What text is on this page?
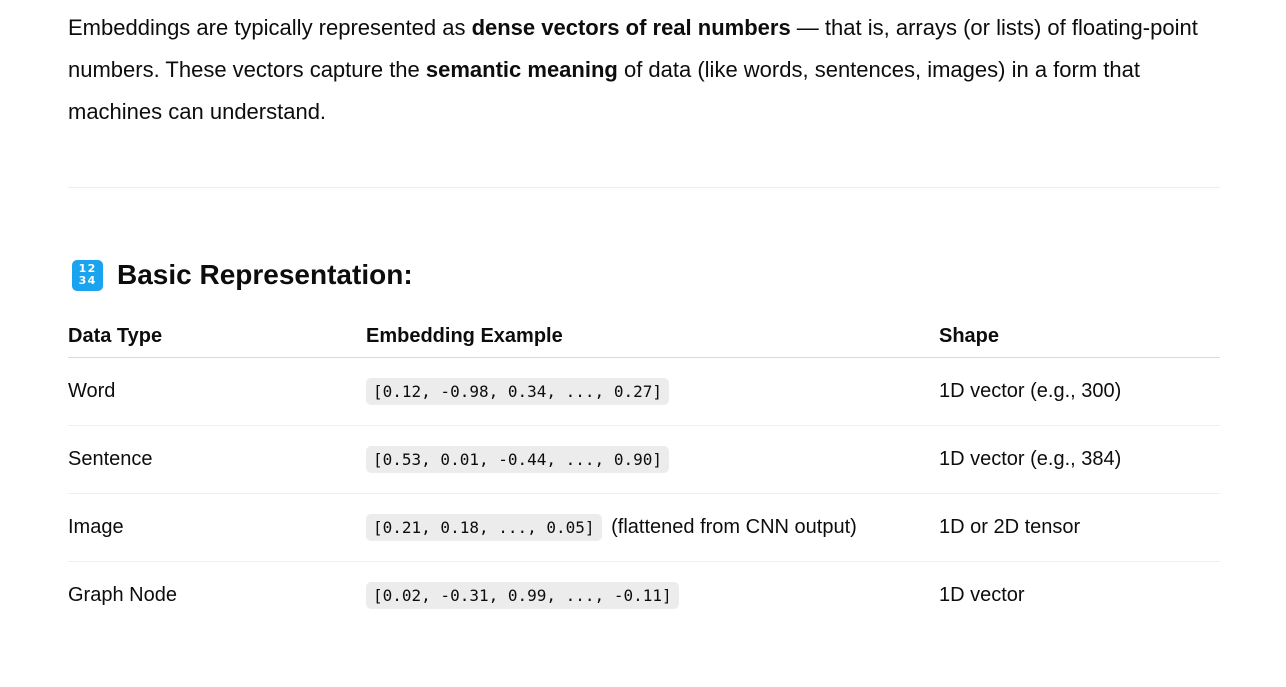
Embeddings are typically represented as dense vectors of real numbers — that is, arrays (or lists) of floating-point numbers. These vectors capture the semantic meaning of data (like words, sentences, images) in a form that machines can understand.

1 2
3 4 Basic Representation:
Data Type	Embedding Example	Shape
Word	[0.12, -0.98, 0.34, ..., 0.27]	1D vector (e.g., 300)
Sentence	[0.53, 0.01, -0.44, ..., 0.90]	1D vector (e.g., 384)
Image	[0.21, 0.18, ..., 0.05] (flattened from CNN output)	1D or 2D tensor
Graph Node	[0.02, -0.31, 0.99, ..., -0.11]	1D vector
